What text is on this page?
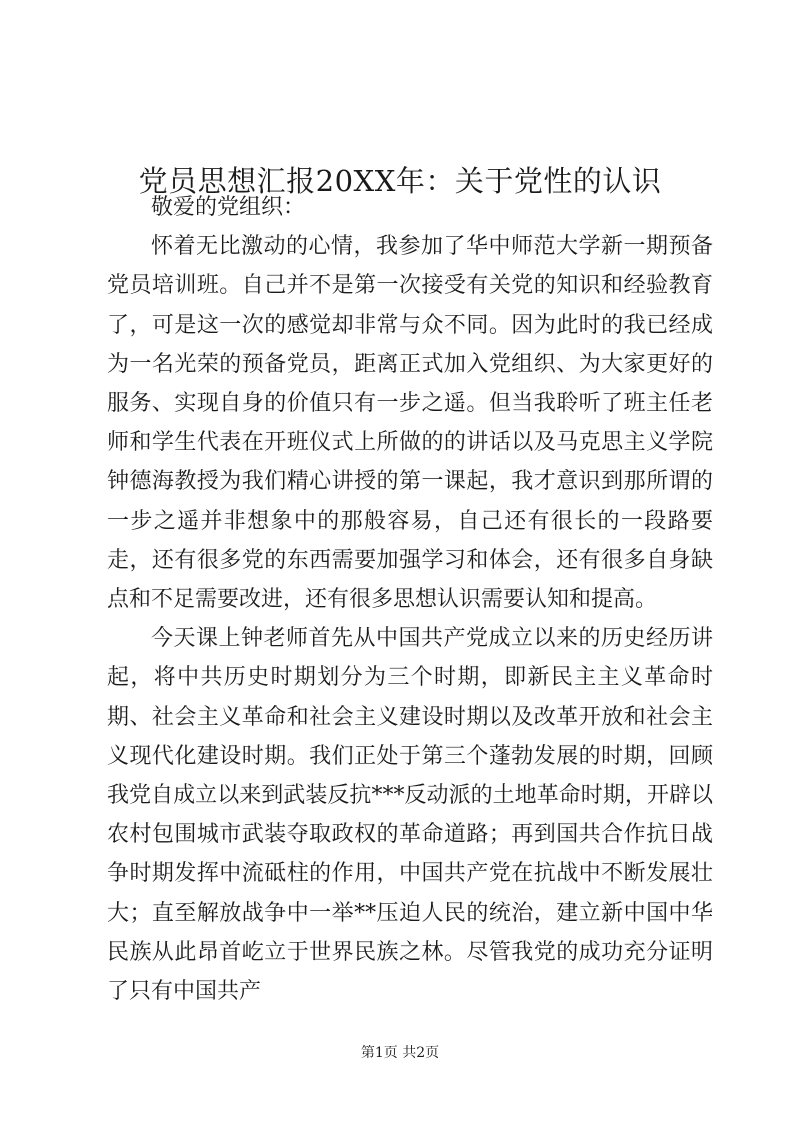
党员思想汇报20XX年：关于党性的认识

敬爱的党组织：

怀着无比激动的心情，我参加了华中师范大学新一期预备党员培训班。自己并不是第一次接受有关党的知识和经验教育了，可是这一次的感觉却非常与众不同。因为此时的我已经成为一名光荣的预备党员，距离正式加入党组织、为大家更好的服务、实现自身的价值只有一步之遥。但当我聆听了班主任老师和学生代表在开班仪式上所做的的讲话以及马克思主义学院钟德海教授为我们精心讲授的第一课起，我才意识到那所谓的一步之遥并非想象中的那般容易，自己还有很长的一段路要走，还有很多党的东西需要加强学习和体会，还有很多自身缺点和不足需要改进，还有很多思想认识需要认知和提高。

今天课上钟老师首先从中国共产党成立以来的历史经历讲起，将中共历史时期划分为三个时期，即新民主主义革命时期、社会主义革命和社会主义建设时期以及改革开放和社会主义现代化建设时期。我们正处于第三个蓬勃发展的时期，回顾我党自成立以来到武装反抗***反动派的土地革命时期，开辟以农村包围城市武装夺取政权的革命道路；再到国共合作抗日战争时期发挥中流砥柱的作用，中国共产党在抗战中不断发展壮大；直至解放战争中一举**压迫人民的统治，建立新中国中华民族从此昂首屹立于世界民族之林。尽管我党的成功充分证明了只有中国共产

第1页 共2页
